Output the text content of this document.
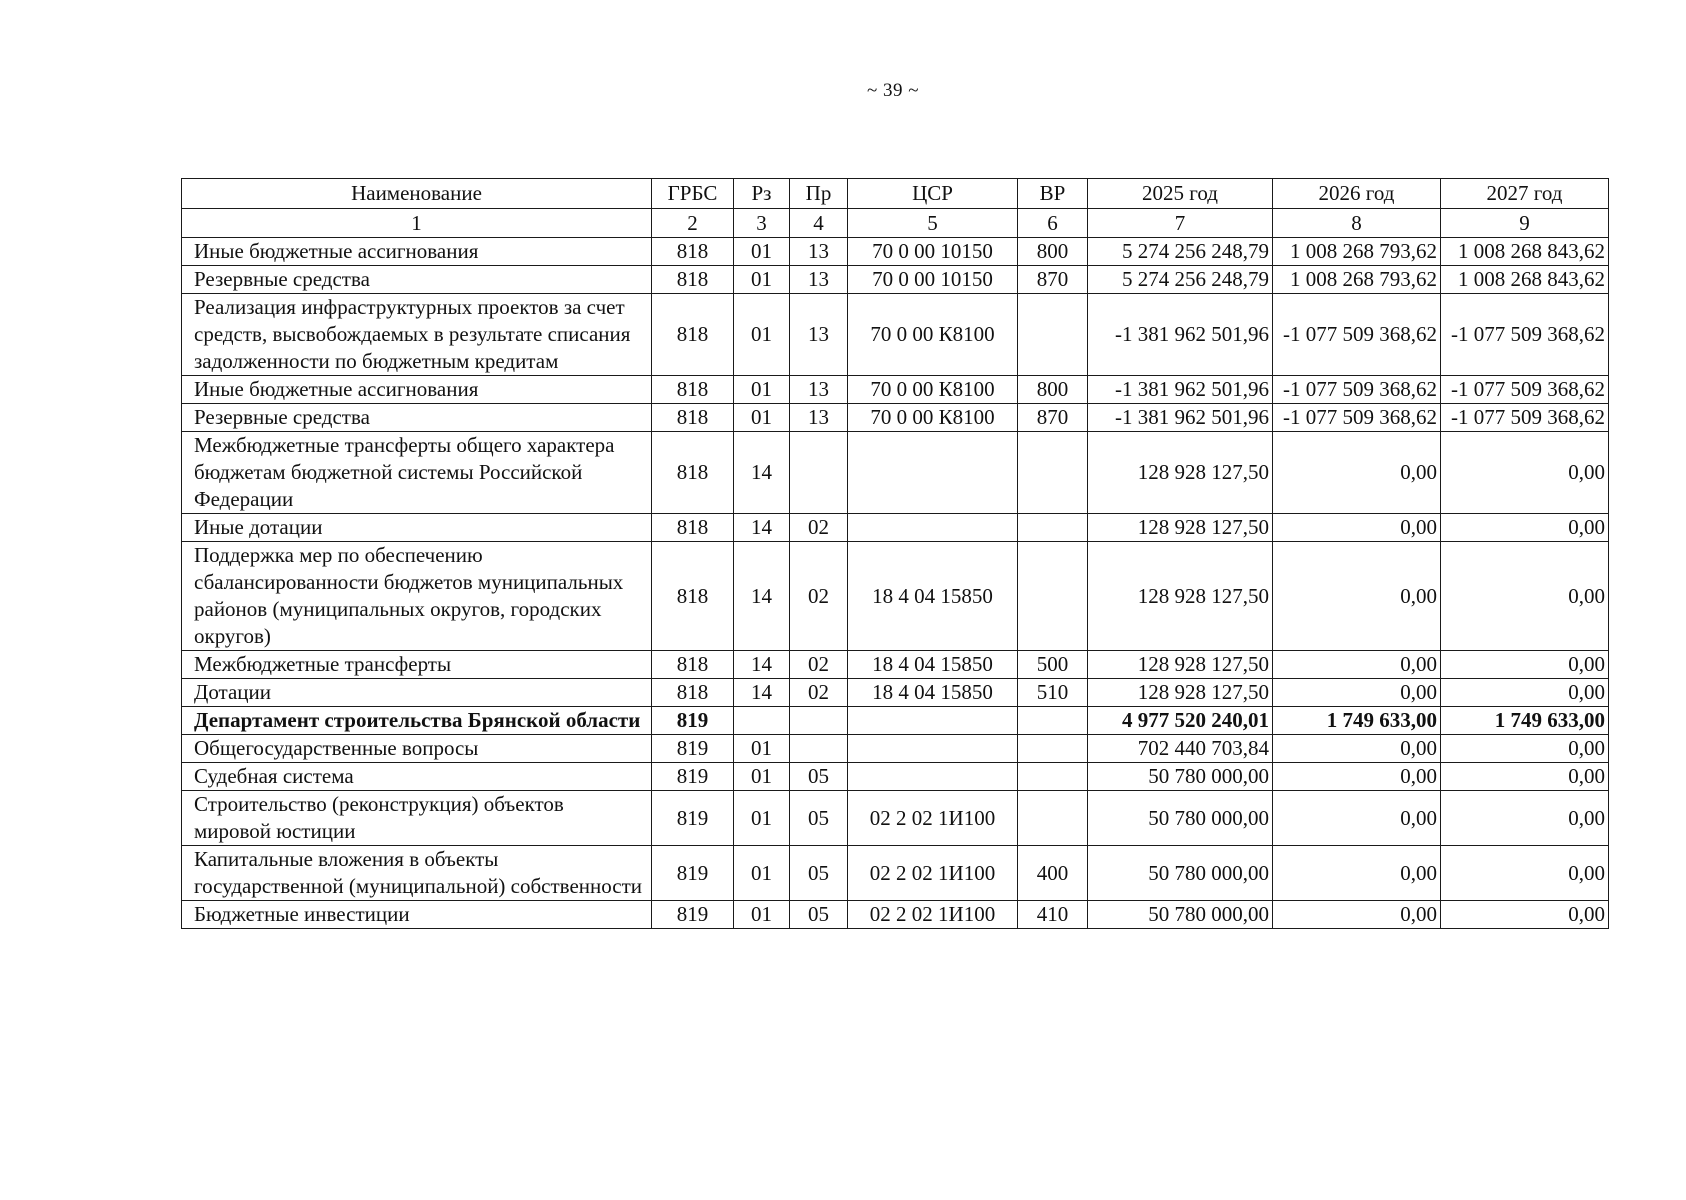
~ 39 ~
Наименование	ГРБС	Рз	Пр	ЦСР	ВР	2025 год	2026 год	2027 год
1	2	3	4	5	6	7	8	9
Иные бюджетные ассигнования	818	01	13	70 0 00 10150	800	5 274 256 248,79	1 008 268 793,62	1 008 268 843,62
Резервные средства	818	01	13	70 0 00 10150	870	5 274 256 248,79	1 008 268 793,62	1 008 268 843,62
Реализация инфраструктурных проектов за счет средств, высвобождаемых в результате списания задолженности по бюджетным кредитам	818	01	13	70 0 00 К8100		-1 381 962 501,96	-1 077 509 368,62	-1 077 509 368,62
Иные бюджетные ассигнования	818	01	13	70 0 00 К8100	800	-1 381 962 501,96	-1 077 509 368,62	-1 077 509 368,62
Резервные средства	818	01	13	70 0 00 К8100	870	-1 381 962 501,96	-1 077 509 368,62	-1 077 509 368,62
Межбюджетные трансферты общего характера бюджетам бюджетной системы Российской Федерации	818	14				128 928 127,50	0,00	0,00
Иные дотации	818	14	02			128 928 127,50	0,00	0,00
Поддержка мер по обеспечению сбалансированности бюджетов муниципальных районов (муниципальных округов, городских округов)	818	14	02	18 4 04 15850		128 928 127,50	0,00	0,00
Межбюджетные трансферты	818	14	02	18 4 04 15850	500	128 928 127,50	0,00	0,00
Дотации	818	14	02	18 4 04 15850	510	128 928 127,50	0,00	0,00
Департамент строительства Брянской области	819					4 977 520 240,01	1 749 633,00	1 749 633,00
Общегосударственные вопросы	819	01				702 440 703,84	0,00	0,00
Судебная система	819	01	05			50 780 000,00	0,00	0,00
Строительство (реконструкция) объектов мировой юстиции	819	01	05	02 2 02 1И100		50 780 000,00	0,00	0,00
Капитальные вложения в объекты государственной (муниципальной) собственности	819	01	05	02 2 02 1И100	400	50 780 000,00	0,00	0,00
Бюджетные инвестиции	819	01	05	02 2 02 1И100	410	50 780 000,00	0,00	0,00
